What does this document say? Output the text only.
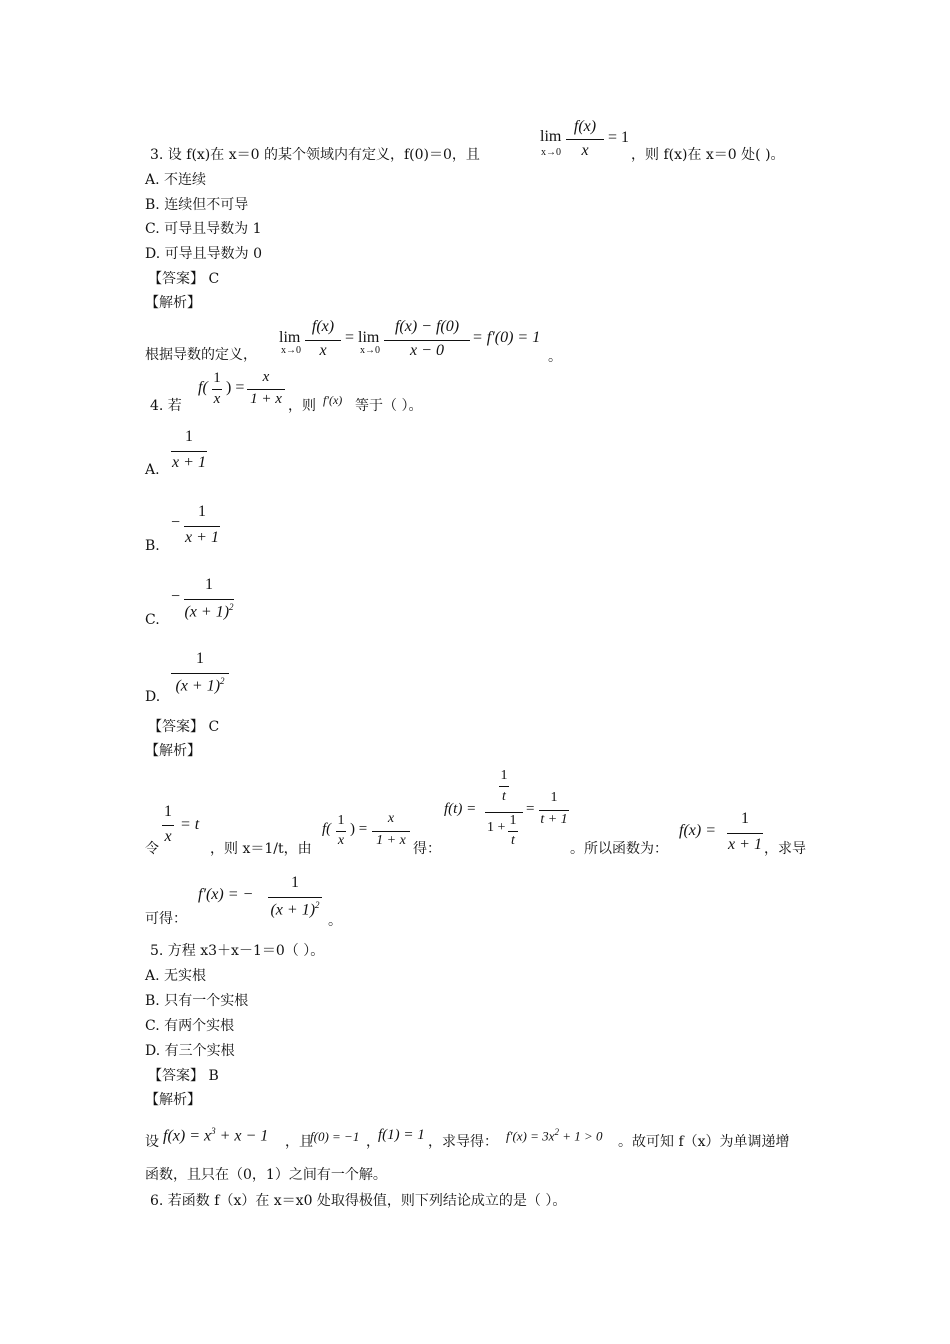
3. 设 f(x)在 x＝0 的某个领域内有定义，f(0)＝0，且
lim
x→0
f(x)
x
= 1
，则 f(x)在 x＝0 处( )。
A. 不连续
B. 连续但不可导
C. 可导且导数为 1
D. 可导且导数为 0
【答案】 C
【解析】
根据导数的定义，
lim
x→0
f(x)
x
= lim
x→0
f(x) − f(0)
x − 0
= f′(0) = 1
。
4. 若
f(
1
x
) =
x
1 + x ，则 f′(x) 等于（ ）。
A.
1
x + 1
B.
−
1
x + 1
C.
−
1
$(x + 1)^2$
D.
1
$(x + 1)^2$
【答案】 C
【解析】
令
1
x
= t
，则 x＝1/t，由
f(
1
x
) =
x
1 + x
得：
f(t) =
1
t
1 + 1
t
=
1
t + 1
。所以函数为：
f(x) =
1
x + 1 ，求导
可得：
f′(x) = −
1
$(x + 1)^2$
。
5. 方程 x3＋x－1＝0（ ）。
A. 无实根
B. 只有一个实根
C. 有两个实根
D. 有三个实根
【答案】 B
【解析】
设 $f(x) = x^3 + x - 1$ ，且
f(0) = −1 ，
f(1) = 1 ，求导得： $f'(x) = 3x^2 + 1 > 0$ 。故可知 f（x）为单调递增
函数，且只在（0，1）之间有一个解。
6. 若函数 f（x）在 x＝x0 处取得极值，则下列结论成立的是（ ）。
